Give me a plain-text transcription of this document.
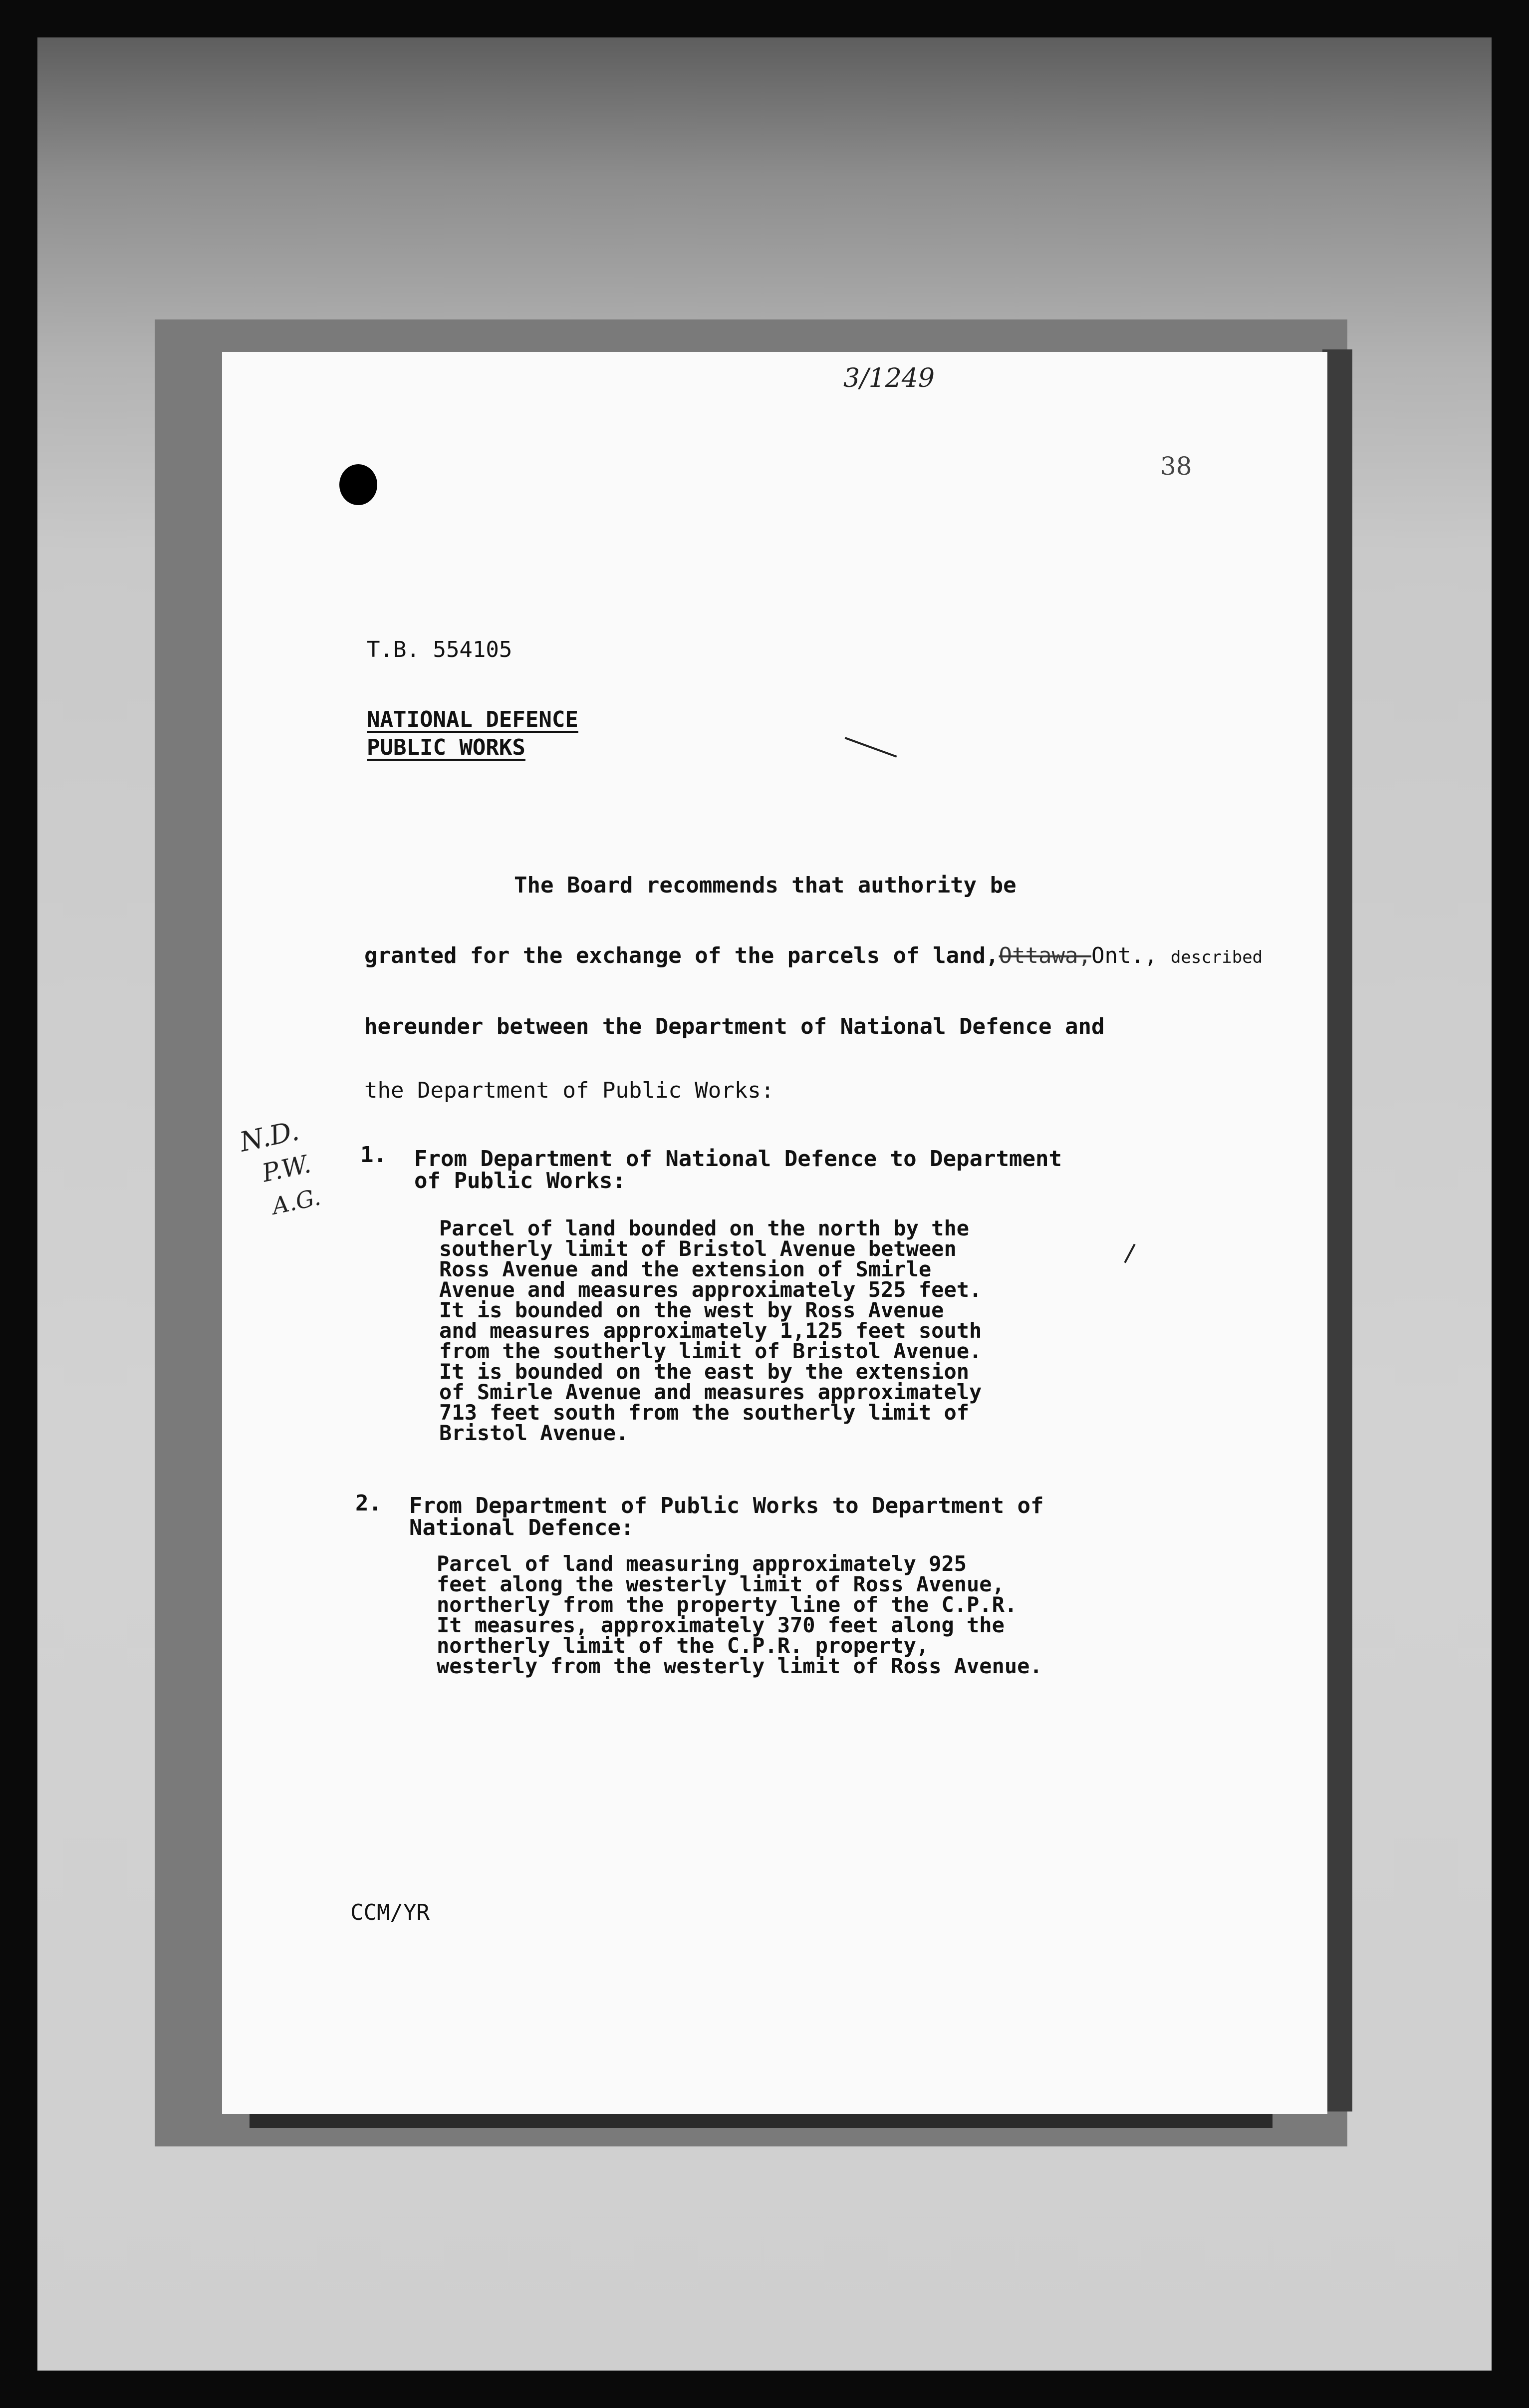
3/1249
38
T.B. 554105
NATIONAL DEFENCE
PUBLIC WORKS
The Board recommends that authority be
granted for the exchange of the parcels of land,Ottawa,Ont., described
hereunder between the Department of National Defence and
the Department of Public Works:
N.D.
P.W.
A.G.
1. From Department of National Defence to Department
of Public Works:
Parcel of land bounded on the north by the
southerly limit of Bristol Avenue between
Ross Avenue and the extension of Smirle
Avenue and measures approximately 525 feet.
It is bounded on the west by Ross Avenue
and measures approximately 1,125 feet south
from the southerly limit of Bristol Avenue.
It is bounded on the east by the extension
of Smirle Avenue and measures approximately
713 feet south from the southerly limit of
Bristol Avenue.
2. From Department of Public Works to Department of
National Defence:
Parcel of land measuring approximately 925
feet along the westerly limit of Ross Avenue,
northerly from the property line of the C.P.R.
It measures, approximately 370 feet along the
northerly limit of the C.P.R. property,
westerly from the westerly limit of Ross Avenue.
CCM/YR
